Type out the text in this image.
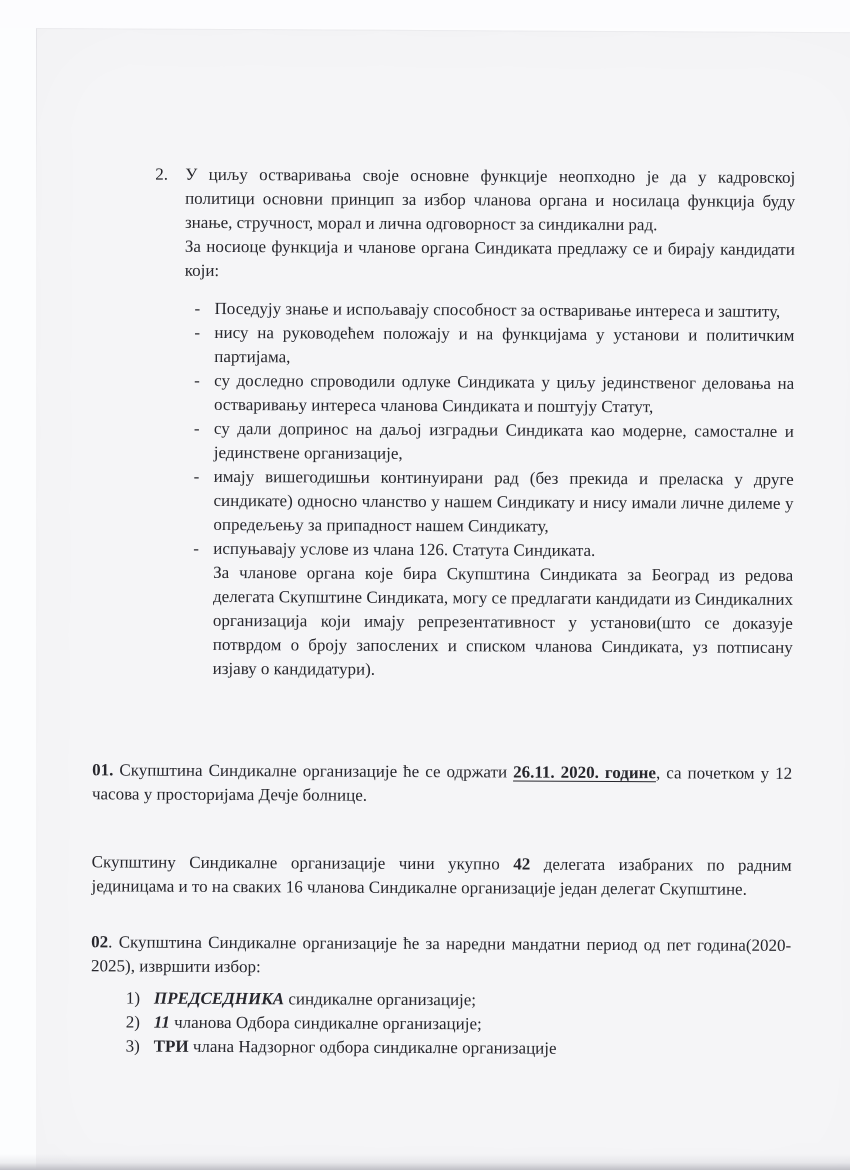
2.	У циљу остваривања своје основне функције неопходно је да у кадровској политици основни принцип за избор чланова органа и носилаца функција буду знање, стручност, морал и лична одговорност за синдикални рад.

За носиоце функција и чланове органа Синдиката предлажу се и бирају кандидати који:

- Поседују знање и испољавају способност за остваривање интереса и заштиту,
- нису на руководећем положају и на функцијама у установи и политичким партијама,
- су доследно спроводили одлуке Синдиката у циљу јединственог деловања на остваривању интереса чланова Синдиката и поштују Статут,
- су дали допринос на даљој изградњи Синдиката као модерне, самосталне и јединствене организације,
- имају вишегодишњи континуирани рад (без прекида и преласка у друге синдикате) односно чланство у нашем Синдикату и нису имали личне дилеме у опредељењу за припадност нашем Синдикату,
- испуњавају услове из члана 126. Статута Синдиката.

За чланове органа које бира Скупштина Синдиката за Београд из редова делегата Скупштине Синдиката, могу се предлагати кандидати из Синдикалних организација који имају репрезентативност у установи(што се доказује потврдом о броју запослених и списком чланова Синдиката, уз потписану изјаву о кандидатури).

01. Скупштина Синдикалне организације ће се одржати 26.11. 2020. године, са почетком у 12 часова у просторијама Дечје болнице.

Скупштину Синдикалне организације чини укупно 42 делегата изабраних по радним јединицама и то на сваких 16 чланова Синдикалне организације један делегат Скупштине.

02. Скупштина Синдикалне организације ће за наредни мандатни период од пет година(2020- 2025), извршити избор:

1) ПРЕДСЕДНИКА синдикалне организације;
2) 11 чланова Одбора синдикалне организације;
3) ТРИ члана Надзорног одбора синдикалне организације
